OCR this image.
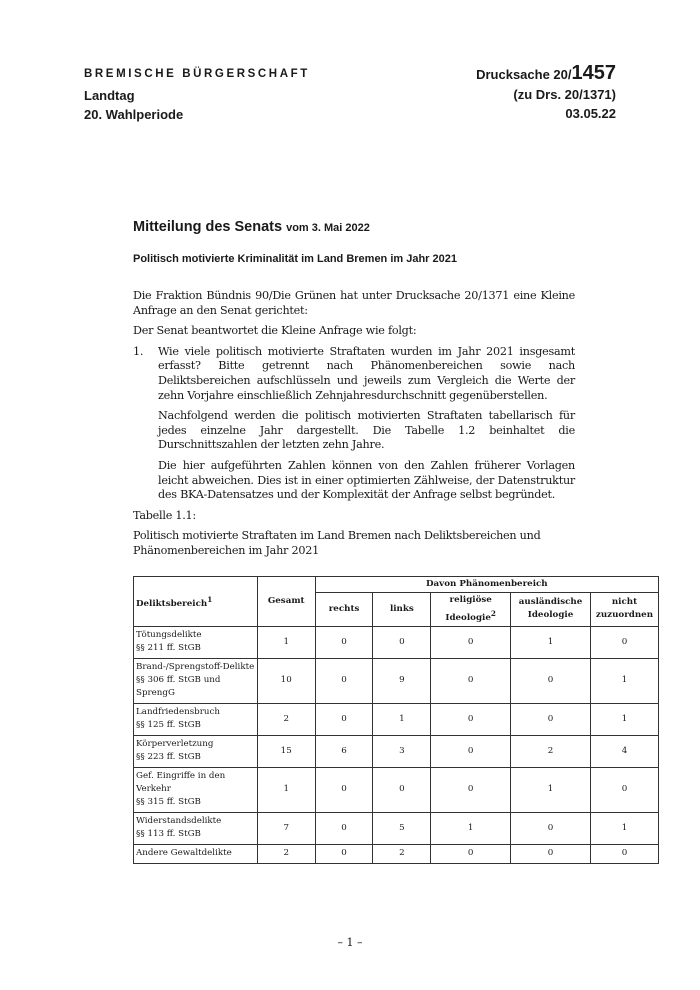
BREMISCHE BÜRGERSCHAFT
Landtag
20. Wahlperiode
Drucksache 20/1457
(zu Drs. 20/1371)
03.05.22
Mitteilung des Senats vom 3. Mai 2022
Politisch motivierte Kriminalität im Land Bremen im Jahr 2021

Die Fraktion Bündnis 90/Die Grünen hat unter Drucksache 20/1371 eine Kleine Anfrage an den Senat gerichtet:

Der Senat beantwortet die Kleine Anfrage wie folgt:

1.	Wie viele politisch motivierte Straftaten wurden im Jahr 2021 insgesamt erfasst? Bitte getrennt nach Phänomenbereichen sowie nach Deliktsbereichen aufschlüsseln und jeweils zum Vergleich die Werte der zehn Vorjahre einschließlich Zehnjahresdurchschnitt gegenüberstellen.

Nachfolgend werden die politisch motivierten Straftaten tabellarisch für jedes einzelne Jahr dargestellt. Die Tabelle 1.2 beinhaltet die Durschnittszahlen der letzten zehn Jahre.

Die hier aufgeführten Zahlen können von den Zahlen früherer Vorlagen leicht abweichen. Dies ist in einer optimierten Zählweise, der Datenstruktur des BKA-Datensatzes und der Komplexität der Anfrage selbst begründet.

Tabelle 1.1:

Politisch motivierte Straftaten im Land Bremen nach Deliktsbereichen und Phänomenbereichen im Jahr 2021

Deliktsbereich$^1$	Gesamt	Davon Phänomenbereich				
		rechts	links	religiöse Ideologie$^2$	ausländische Ideologie	nicht zuzuordnen

Tötungsdelikte
§§ 211 ff. StGB	1	0	0	0	1	0

Brand-/Sprengstoff-Delikte
§§ 306 ff. StGB und SprengG	10	0	9	0	0	1

Landfriedensbruch
§§ 125 ff. StGB	2	0	1	0	0	1

Körperverletzung
§§ 223 ff. StGB	15	6	3	0	2	4

Gef. Eingriffe in den Verkehr
§§ 315 ff. StGB	1	0	0	0	1	0

Widerstandsdelikte
§§ 113 ff. StGB	7	0	5	1	0	1

Andere Gewaltdelikte	2	0	2	0	0	0
– 1 –
